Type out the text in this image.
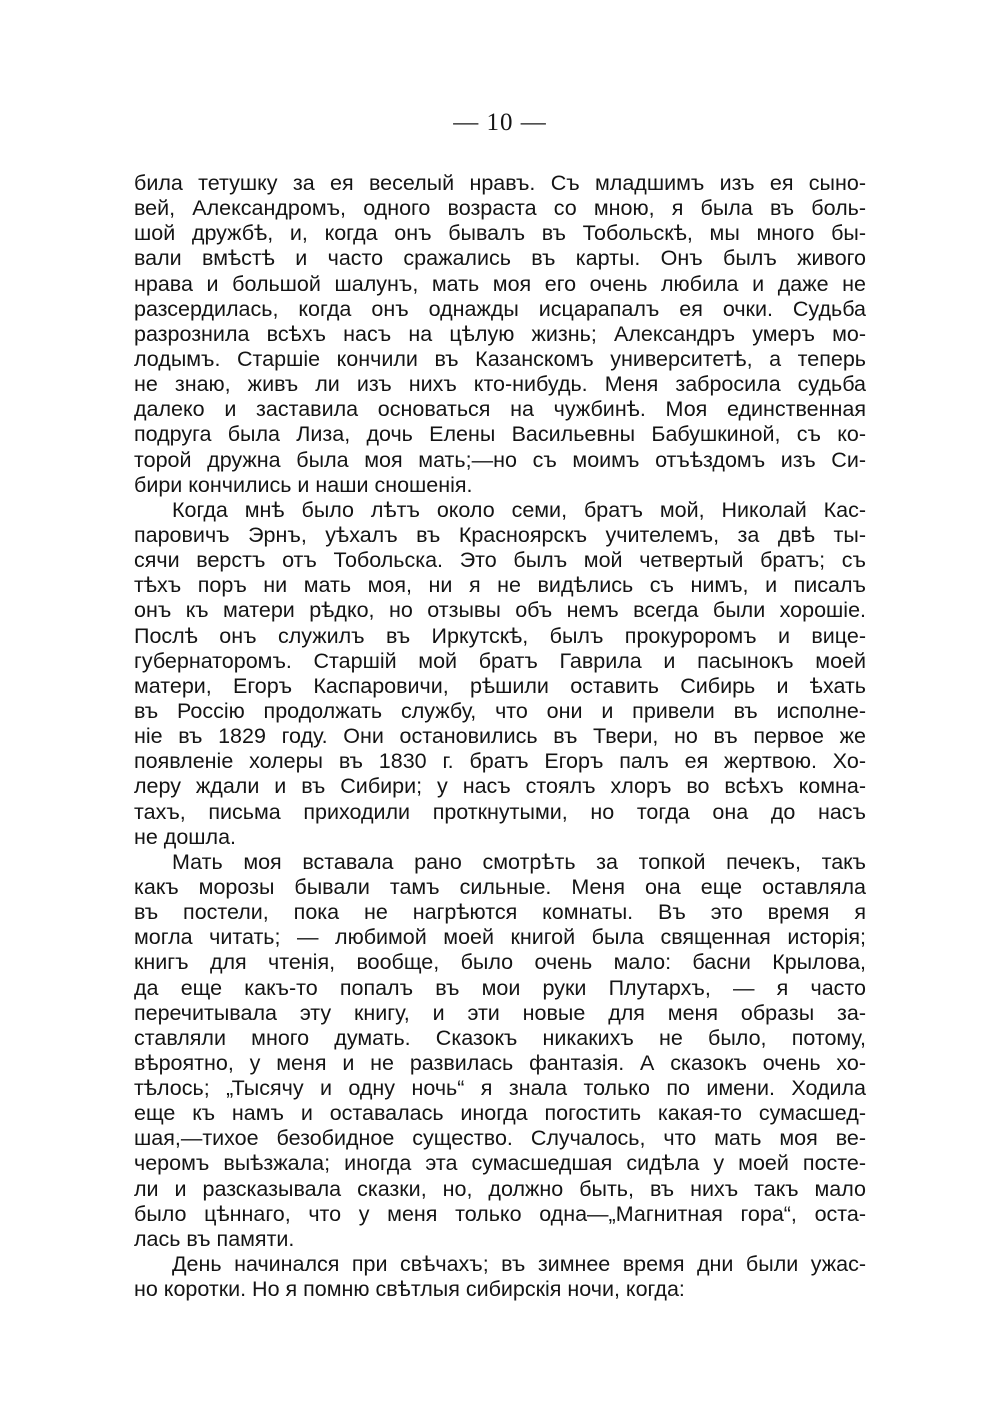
— 10 —
била тетушку за ея веселый нравъ. Съ младшимъ изъ ея сыно-
вей, Александромъ, одного возраста со мною, я была въ боль-
шой дружбѣ, и, когда онъ бывалъ въ Тобольскѣ, мы много бы-
вали вмѣстѣ и часто сражались въ карты. Онъ былъ живого
нрава и большой шалунъ, мать моя его очень любила и даже не
разсердилась, когда онъ однажды исцарапалъ ея очки. Судьба
разрознила всѣхъ насъ на цѣлую жизнь; Александръ умеръ мо-
лодымъ. Старшіе кончили въ Казанскомъ университетѣ, а теперь
не знаю, живъ ли изъ нихъ кто-нибудь. Меня забросила судьба
далеко и заставила основаться на чужбинѣ. Моя единственная
подруга была Лиза, дочь Елены Васильевны Бабушкиной, съ ко-
торой дружна была моя мать;—но съ моимъ отъѣздомъ изъ Си-
бири кончились и наши сношенія.
Когда мнѣ было лѣтъ около семи, братъ мой, Николай Кас-
паровичъ Эрнъ, уѣхалъ въ Красноярскъ учителемъ, за двѣ ты-
сячи верстъ отъ Тобольска. Это былъ мой четвертый братъ; съ
тѣхъ поръ ни мать моя, ни я не видѣлись съ нимъ, и писалъ
онъ къ матери рѣдко, но отзывы объ немъ всегда были хорошіе.
Послѣ онъ служилъ въ Иркутскѣ, былъ прокуроромъ и вице-
губернаторомъ. Старшій мой братъ Гаврила и пасынокъ моей
матери, Егоръ Каспаровичи, рѣшили оставить Сибирь и ѣхать
въ Россію продолжать службу, что они и привели въ исполне-
ніе въ 1829 году. Они остановились въ Твери, но въ первое же
появленіе холеры въ 1830 г. братъ Егоръ палъ ея жертвою. Хо-
леру ждали и въ Сибири; у насъ стоялъ хлоръ во всѣхъ комна-
тахъ, письма приходили проткнутыми, но тогда она до насъ
не дошла.
Мать моя вставала рано смотрѣть за топкой печекъ, такъ
какъ морозы бывали тамъ сильные. Меня она еще оставляла
въ постели, пока не нагрѣются комнаты. Въ это время я
могла читать; — любимой моей книгой была священная исторія;
книгъ для чтенія, вообще, было очень мало: басни Крылова,
да еще какъ-то попалъ въ мои руки Плутархъ, — я часто
перечитывала эту книгу, и эти новые для меня образы за-
ставляли много думать. Сказокъ никакихъ не было, потому,
вѣроятно, у меня и не развилась фантазія. А сказокъ очень хо-
тѣлось; „Тысячу и одну ночь“ я знала только по имени. Ходила
еще къ намъ и оставалась иногда погостить какая-то сумасшед-
шая,—тихое безобидное существо. Случалось, что мать моя ве-
черомъ выѣзжала; иногда эта сумасшедшая сидѣла у моей посте-
ли и разсказывала сказки, но, должно быть, въ нихъ такъ мало
было цѣннаго, что у меня только одна—„Магнитная гора“, оста-
лась въ памяти.
День начинался при свѣчахъ; въ зимнее время дни были ужас-
но коротки. Но я помню свѣтлыя сибирскія ночи, когда:
